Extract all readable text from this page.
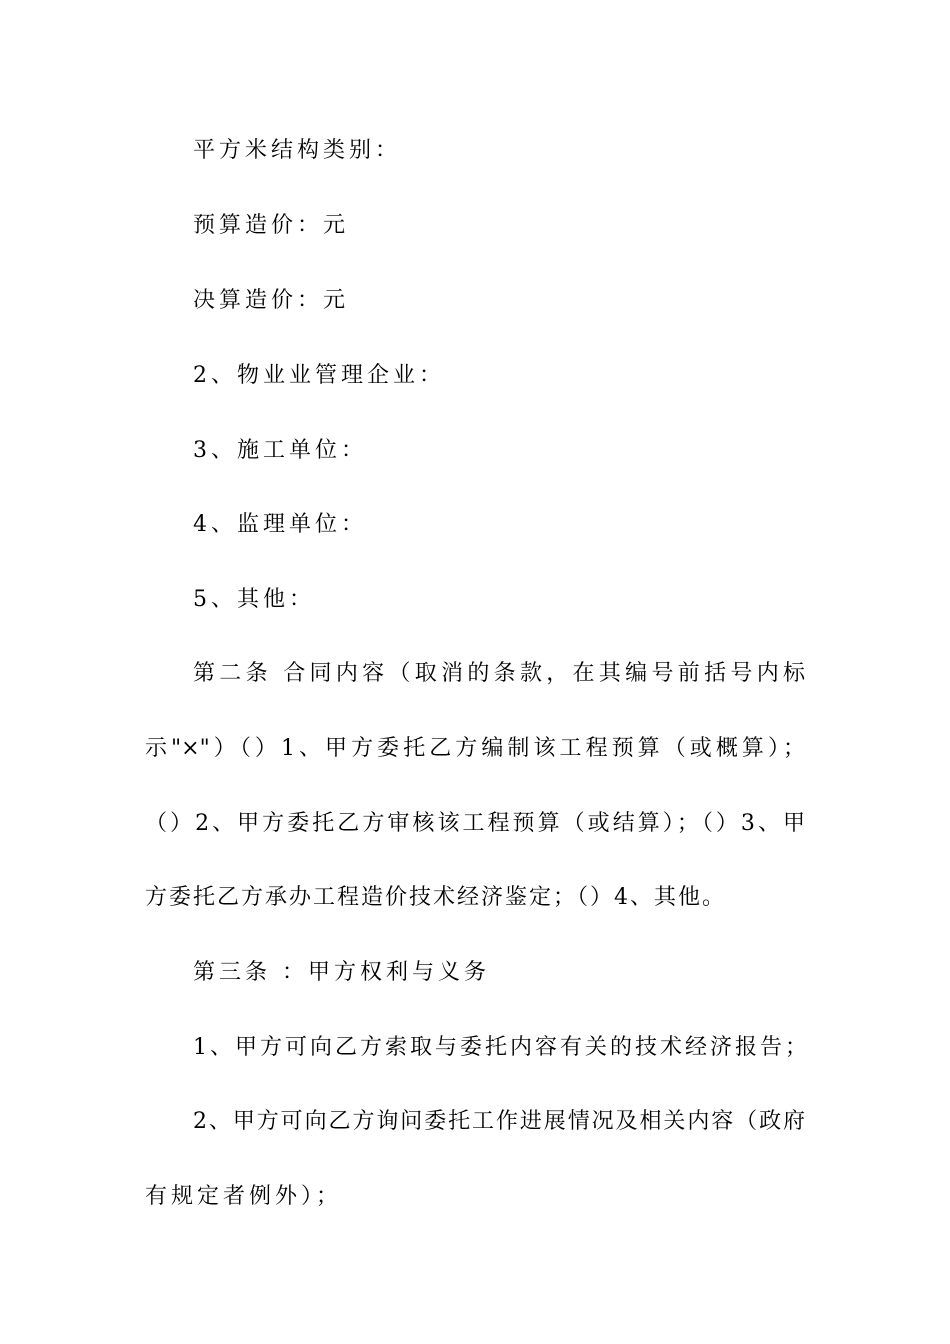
平方米结构类别：
预算造价：元
决算造价：元
2、物业业管理企业：
3、施工单位：
4、监理单位：
5、其他：
第二条 合同内容（取消的条款，在其编号前括号内标
示"×"）（）1、甲方委托乙方编制该工程预算（或概算）；
（）2、甲方委托乙方审核该工程预算（或结算）；（）3、甲
方委托乙方承办工程造价技术经济鉴定；（）4、其他。
第三条 ：甲方权利与义务
1、甲方可向乙方索取与委托内容有关的技术经济报告；
2、甲方可向乙方询问委托工作进展情况及相关内容（政府
有规定者例外）；
